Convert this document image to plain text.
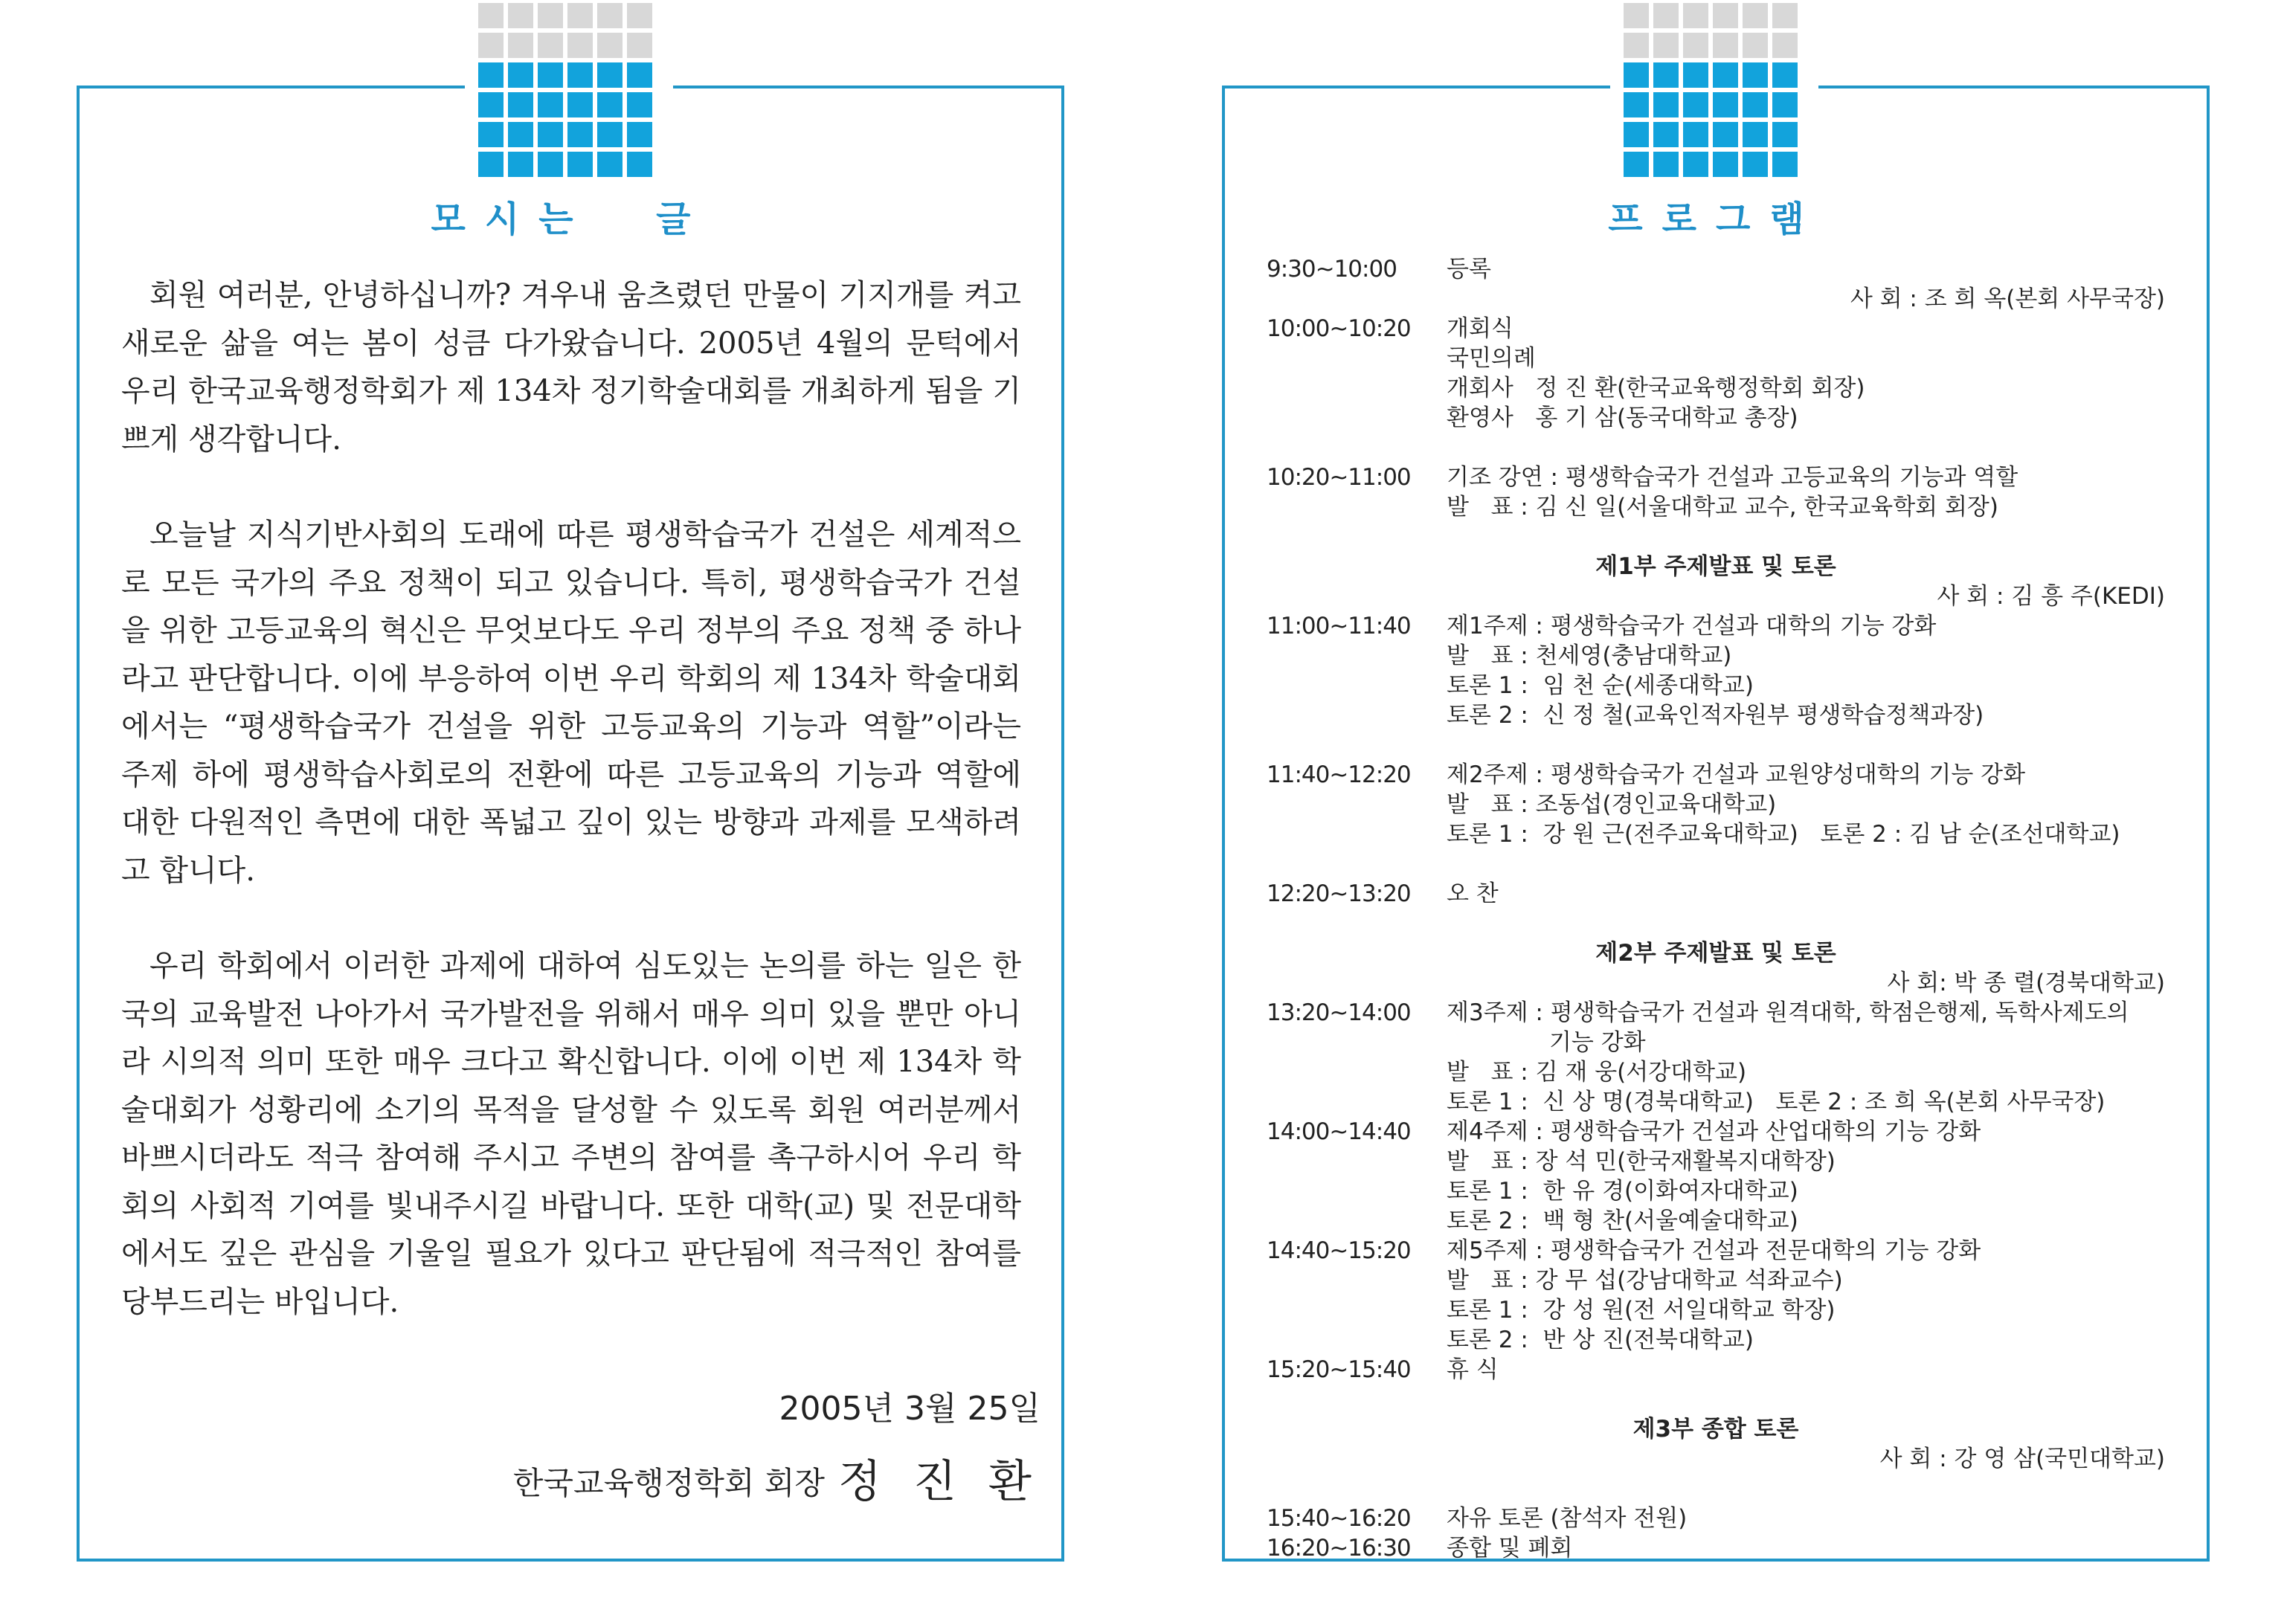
모시는  글	프로그램

회원 여러분, 안녕하십니까? 겨우내 움츠렸던 만물이 기지개를 켜고 새로운 삶을 여는 봄이 성큼 다가왔습니다. 2005년 4월의 문턱에서 우리 한국교육행정학회가 제 134차 정기학술대회를 개최하게 됨을 기쁘게 생각합니다.

오늘날 지식기반사회의 도래에 따른 평생학습국가 건설은 세계적으로 모든 국가의 주요 정책이 되고 있습니다. 특히, 평생학습국가 건설을 위한 고등교육의 혁신은 무엇보다도 우리 정부의 주요 정책 중 하나라고 판단합니다. 이에 부응하여 이번 우리 학회의 제 134차 학술대회에서는 “평생학습국가 건설을 위한 고등교육의 기능과 역할”이라는 주제 하에 평생학습사회로의 전환에 따른 고등교육의 기능과 역할에 대한 다원적인 측면에 대한 폭넓고 깊이 있는 방향과 과제를 모색하려고 합니다.

우리 학회에서 이러한 과제에 대하여 심도있는 논의를 하는 일은 한국의 교육발전 나아가서 국가발전을 위해서 매우 의미 있을 뿐만 아니라 시의적 의미 또한 매우 크다고 확신합니다. 이에 이번 제 134차 학술대회가 성황리에 소기의 목적을 달성할 수 있도록 회원 여러분께서 바쁘시더라도 적극 참여해 주시고 주변의 참여를 촉구하시어 우리 학회의 사회적 기여를 빛내주시길 바랍니다. 또한 대학(교) 및 전문대학에서도 깊은 관심을 기울일 필요가 있다고 판단됨에 적극적인 참여를 당부드리는 바입니다.

2005년 3월 25일
한국교육행정학회 회장 정 진 환
9:30~10:00 등록
사 회 : 조 희 옥(본회 사무국장)
10:00~10:20 개회식
국민의례
개회사   정 진 환(한국교육행정학회 회장)
환영사   홍 기 삼(동국대학교 총장)
10:20~11:00 기조 강연 : 평생학습국가 건설과 고등교육의 기능과 역할
발   표 : 김 신 일(서울대학교 교수, 한국교육학회 회장)
제1부 주제발표 및 토론
사 회 : 김 흥 주(KEDI)
11:00~11:40 제1주제 : 평생학습국가 건설과 대학의 기능 강화
발   표 : 천세영(충남대학교)
토론 1 :  임 천 순(세종대학교)
토론 2 :  신 정 철(교육인적자원부 평생학습정책과장)
11:40~12:20 제2주제 : 평생학습국가 건설과 교원양성대학의 기능 강화
발   표 : 조동섭(경인교육대학교)
토론 1 :  강 원 근(전주교육대학교)   토론 2 : 김 남 순(조선대학교)
12:20~13:20 오 찬
제2부 주제발표 및 토론
사 회: 박 종 렬(경북대학교)
13:20~14:00 제3주제 : 평생학습국가 건설과 원격대학, 학점은행제, 독학사제도의
기능 강화
발   표 : 김 재 웅(서강대학교)
토론 1 :  신 상 명(경북대학교)   토론 2 : 조 희 옥(본회 사무국장)
14:00~14:40 제4주제 : 평생학습국가 건설과 산업대학의 기능 강화
발   표 : 장 석 민(한국재활복지대학장)
토론 1 :  한 유 경(이화여자대학교)
토론 2 :  백 형 찬(서울예술대학교)
14:40~15:20 제5주제 : 평생학습국가 건설과 전문대학의 기능 강화
발   표 : 강 무 섭(강남대학교 석좌교수)
토론 1 :  강 성 원(전 서일대학교 학장)
토론 2 :  반 상 진(전북대학교)
15:20~15:40 휴 식
제3부 종합 토론
사 회 : 강 영 삼(국민대학교)
15:40~16:20 자유 토론 (참석자 전원)
16:20~16:30 종합 및 폐회
